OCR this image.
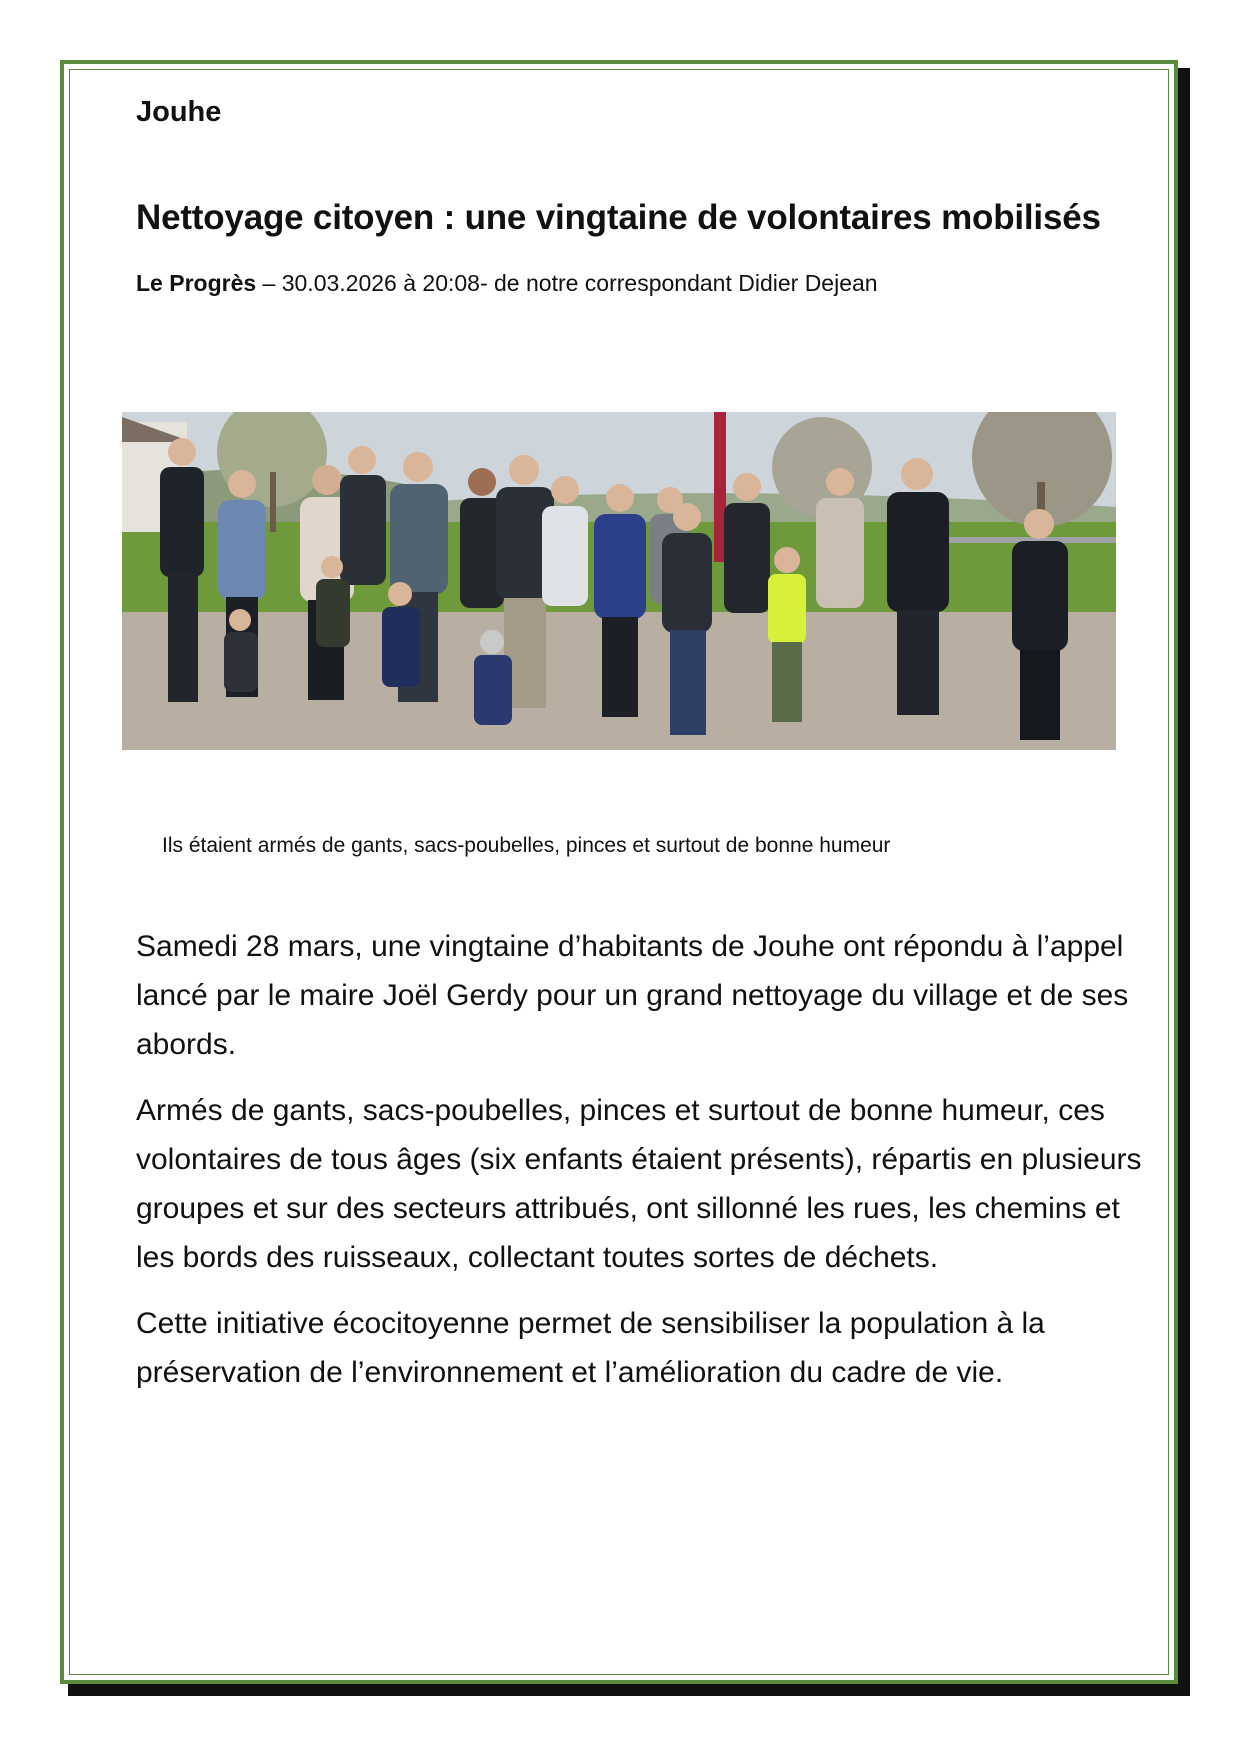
Jouhe
Nettoyage citoyen : une vingtaine de volontaires mobilisés

Le Progrès – 30.03.2026 à 20:08- de notre correspondant Didier Dejean

Ils étaient armés de gants, sacs-poubelles, pinces et surtout de bonne humeur

Samedi 28 mars, une vingtaine d’habitants de Jouhe ont répondu à l’appel lancé par le maire Joël Gerdy pour un grand nettoyage du village et de ses abords.

Armés de gants, sacs-poubelles, pinces et surtout de bonne humeur, ces volontaires de tous âges (six enfants étaient présents), répartis en plusieurs groupes et sur des secteurs attribués, ont sillonné les rues, les chemins et les bords des ruisseaux, collectant toutes sortes de déchets.

Cette initiative écocitoyenne permet de sensibiliser la population à la préservation de l’environnement et l’amélioration du cadre de vie.
